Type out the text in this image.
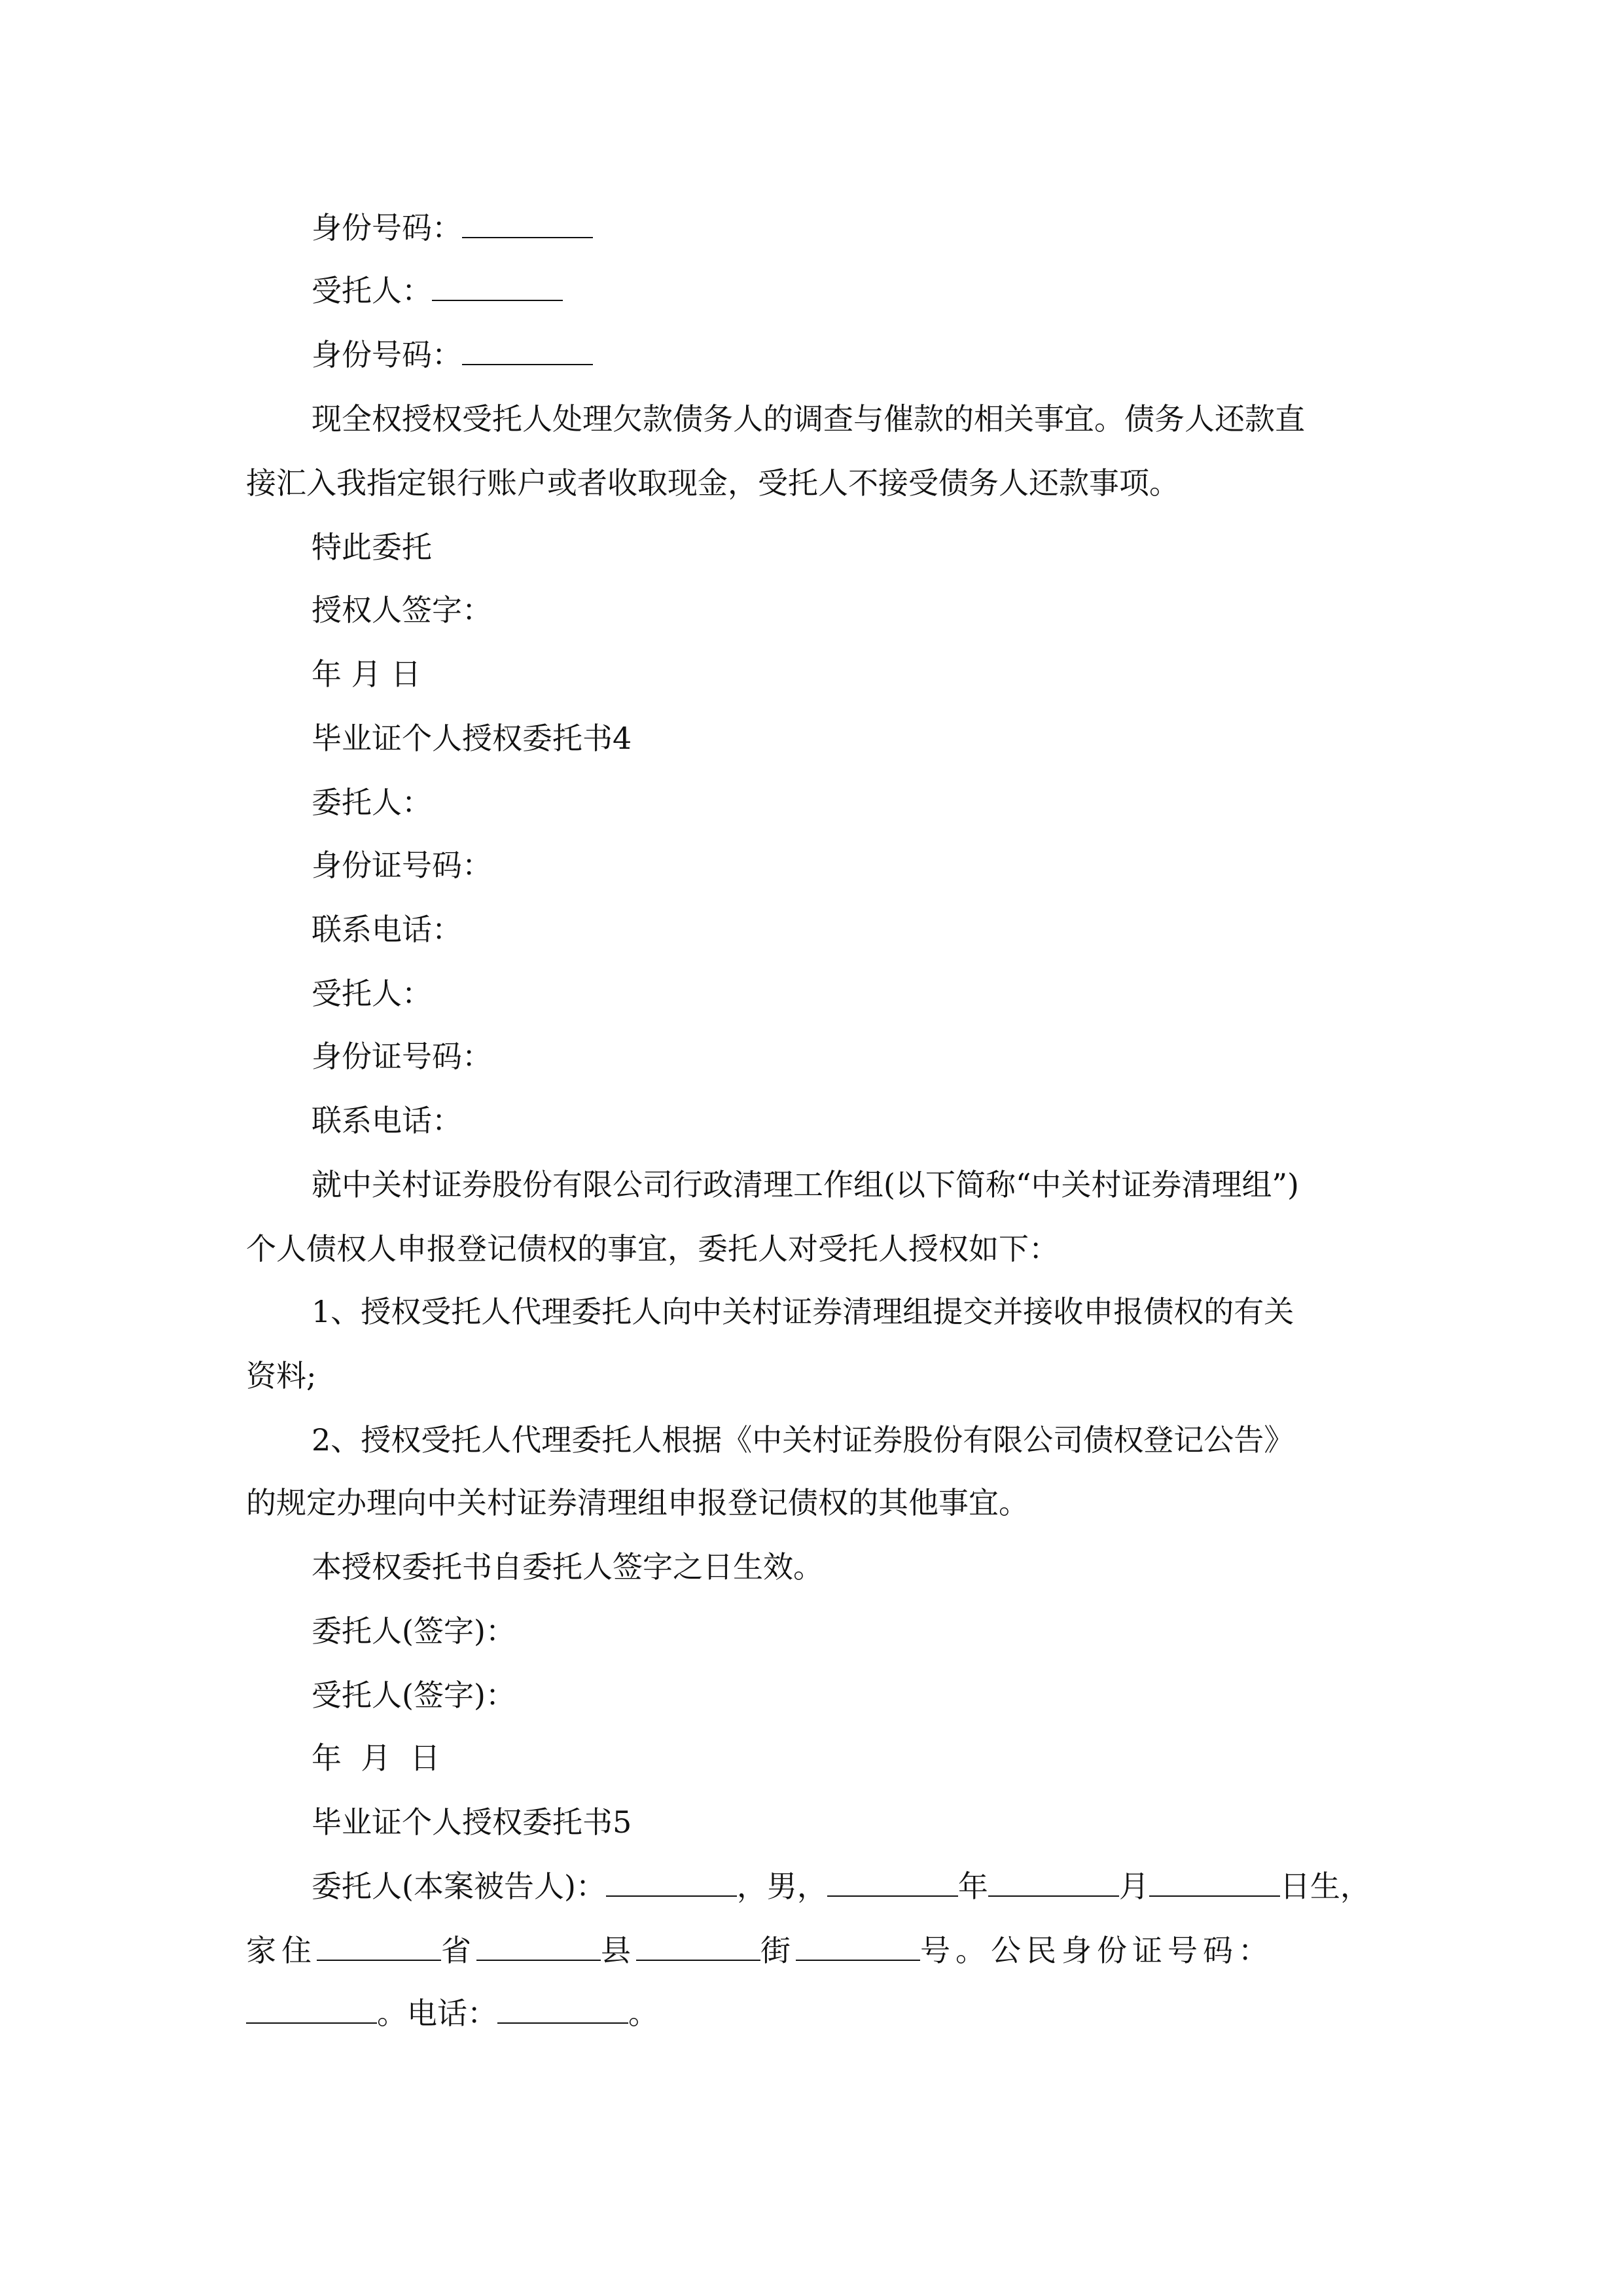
身份号码：
受托人：
身份号码：
现全权授权受托人处理欠款债务人的调查与催款的相关事宜。债务人还款直
接汇入我指定银行账户或者收取现金，受托人不接受债务人还款事项。
特此委托
授权人签字：
年 月 日
毕业证个人授权委托书4
委托人：
身份证号码：
联系电话：
受托人：
身份证号码：
联系电话：
就中关村证券股份有限公司行政清理工作组(以下简称“中关村证券清理组”)
个人债权人申报登记债权的事宜，委托人对受托人授权如下：
1、授权受托人代理委托人向中关村证券清理组提交并接收申报债权的有关
资料;
2、授权受托人代理委托人根据《中关村证券股份有限公司债权登记公告》
的规定办理向中关村证券清理组申报登记债权的其他事宜。
本授权委托书自委托人签字之日生效。
委托人(签字)：
受托人(签字)：
年  月  日
毕业证个人授权委托书5
委托人(本案被告人)：	，男，	年	月	日生，
家住	省	县	街	号。公民身份证号码：
。电话：	。
